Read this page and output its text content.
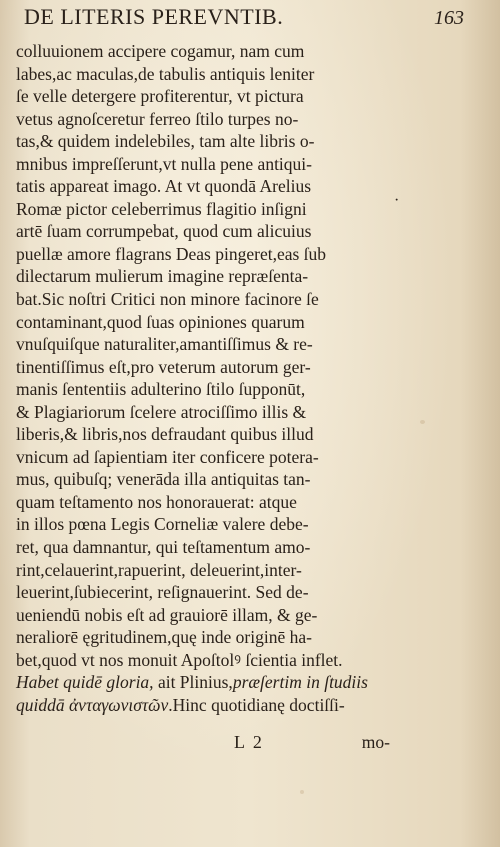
DE LITERIS PEREVNTIB.	163
·
colluuionem accipere cogamur, nam cum
labes,ac maculas,de tabulis antiquis leniter
ſe velle detergere profiterentur, vt pictura
vetus agnoſceretur ferreo ſtilo turpes no-
tas,& quidem indelebiles, tam alte libris o-
mnibus impreſſerunt,vt nulla pene antiqui-
tatis appareat imago. At vt quondā Arelius
Romæ pictor celeberrimus flagitio inſigni
artē ſuam corrumpebat, quod cum alicuius
puellæ amore flagrans Deas pingeret,eas ſub
dilectarum mulierum imagine repræſenta-
bat.Sic noſtri Critici non minore facinore ſe
contaminant,quod ſuas opiniones quarum
vnuſquiſque naturaliter,amantiſſimus & re-
tinentiſſimus eſt,pro veterum autorum ger-
manis ſententiis adulterino ſtilo ſupponūt,
& Plagiariorum ſcelere atrociſſimo illis &
liberis,& libris,nos defraudant quibus illud
vnicum ad ſapientiam iter conficere potera-
mus, quibuſq; venerāda illa antiquitas tan-
quam teſtamento nos honorauerat: atque
in illos pœna Legis Corneliæ valere debe-
ret, qua damnantur, qui teſtamentum amo-
rint,celauerint,rapuerint, deleuerint,inter-
leuerint,ſubiecerint, reſignauerint. Sed de-
ueniendū nobis eſt ad grauiorē illam, & ge-
neraliorē ęgritudinem,quę inde originē ha-
bet,quod vt nos monuit Apoſtolꝰ ſcientia inflet.
Habet quidē gloria, ait Plinius,præſertim in ſtudiis
quiddā ἀνταγωνιστῶν.Hinc quotidianę doctiſſi-
L 2	mo-
